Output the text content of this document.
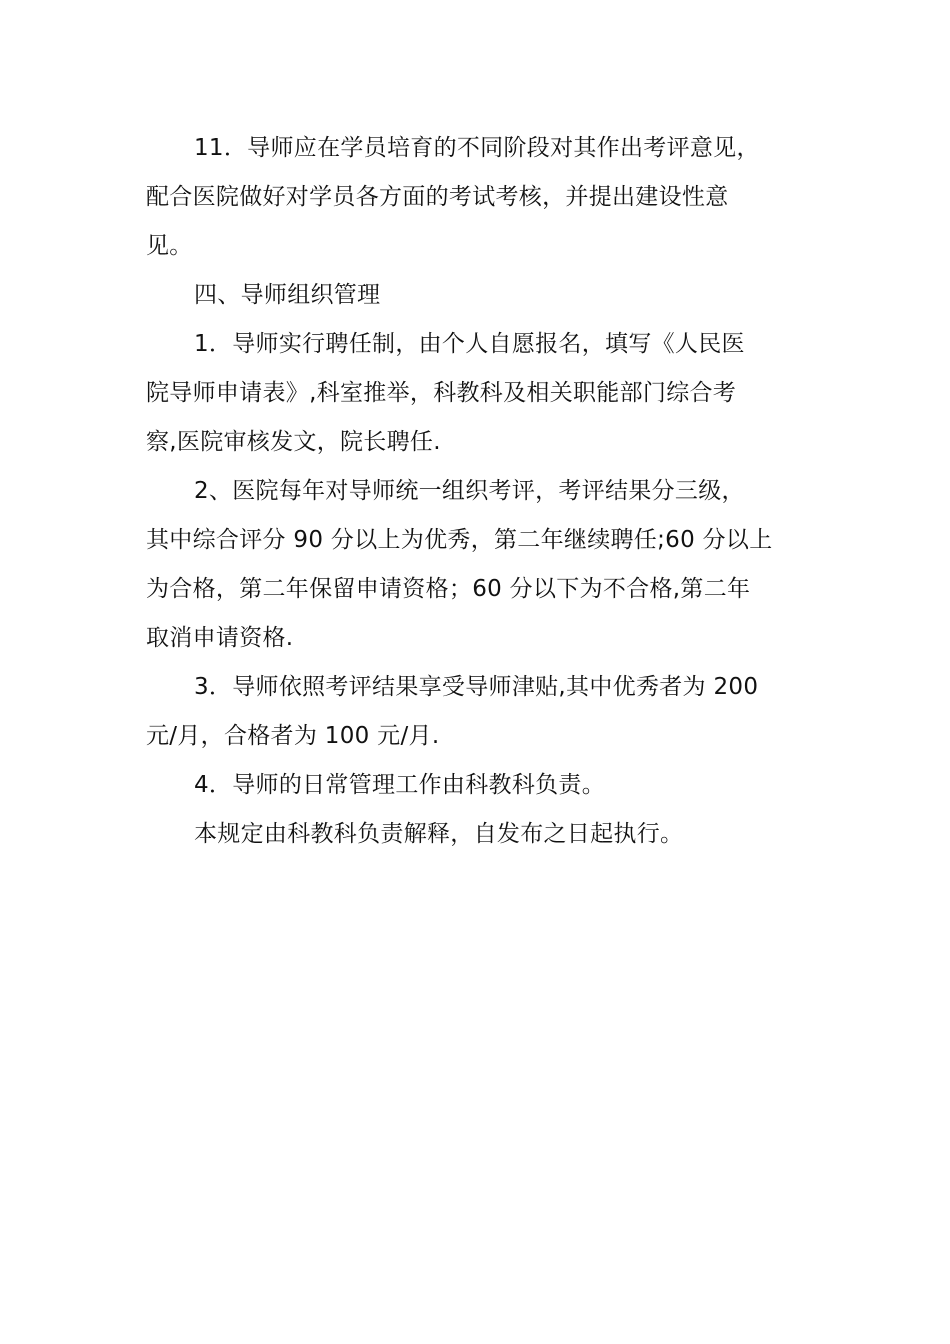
11．导师应在学员培育的不同阶段对其作出考评意见，
配合医院做好对学员各方面的考试考核，并提出建设性意
见。

四、导师组织管理

1．导师实行聘任制，由个人自愿报名，填写《人民医
院导师申请表》,科室推举，科教科及相关职能部门综合考
察,医院审核发文，院长聘任.

2、医院每年对导师统一组织考评，考评结果分三级，
其中综合评分 90 分以上为优秀，第二年继续聘任;60 分以上
为合格，第二年保留申请资格；60 分以下为不合格,第二年
取消申请资格.

3．导师依照考评结果享受导师津贴,其中优秀者为 200
元/月，合格者为 100 元/月.

4．导师的日常管理工作由科教科负责。

本规定由科教科负责解释，自发布之日起执行。
